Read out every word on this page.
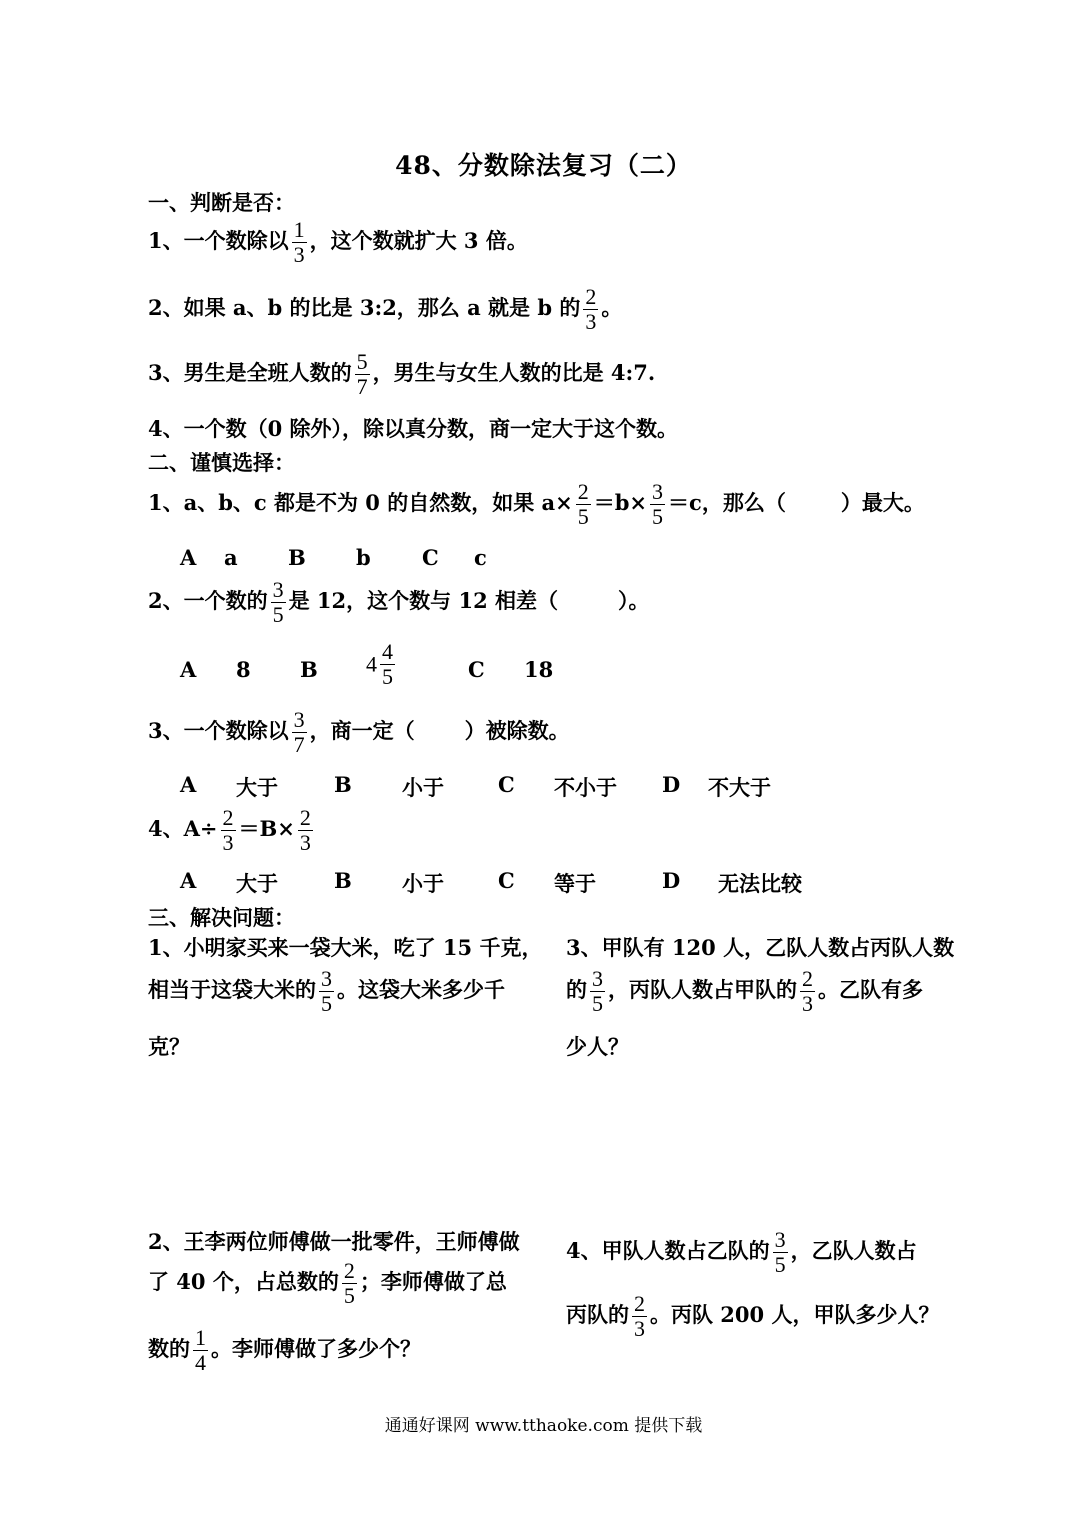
48、分数除法复习（二）
一、判断是否：
1、一个数除以 $\frac{1}{3}$ ，这个数就扩大 3 倍。
2、如果 a、b 的比是 3:2，那么 a 就是 b 的 $\frac{2}{3}$ 。
3、男生是全班人数的 $\frac{5}{7}$ ，男生与女生人数的比是 4:7.
4、一个数（0 除外），除以真分数，商一定大于这个数。
二、谨慎选择：
1、a、b、c 都是不为 0 的自然数，如果 $a\times \frac{2}{5} =b\times \frac{3}{5} =c$，那么（	）最大。
A a B b C c
2、一个数的 $\frac{3}{5}$ 是 12，这个数与 12 相差（	）。
A 8 B $4 \frac{4}{5}$	C 18
3、一个数除以 $\frac{3}{7}$ ，商一定（ ）被除数。
A 大于	B 小于	C 不小于 D 不大于
4、$A\div \frac{2}{3} =B\times \frac{2}{3}$
A 大于	B 小于	C 等于	D 无法比较
三、解决问题：
1、小明家买来一袋大米，吃了 15 千克，
相当于这袋大米的 $\frac{3}{5}$ 。这袋大米多少千
克？
3、甲队有 120 人，乙队人数占丙队人数
的 $\frac{3}{5}$ ，丙队人数占甲队的 $\frac{2}{3}$ 。乙队有多
少人？
2、王李两位师傅做一批零件，王师傅做
了 40 个，占总数的 $\frac{2}{5}$ ；李师傅做了总
数的 $\frac{1}{4}$ 。李师傅做了多少个？
4、甲队人数占乙队的 $\frac{3}{5}$ ，乙队人数占
丙队的 $\frac{2}{3}$ 。丙队 200 人，甲队多少人？
通通好课网 www.tthaoke.com 提供下载
